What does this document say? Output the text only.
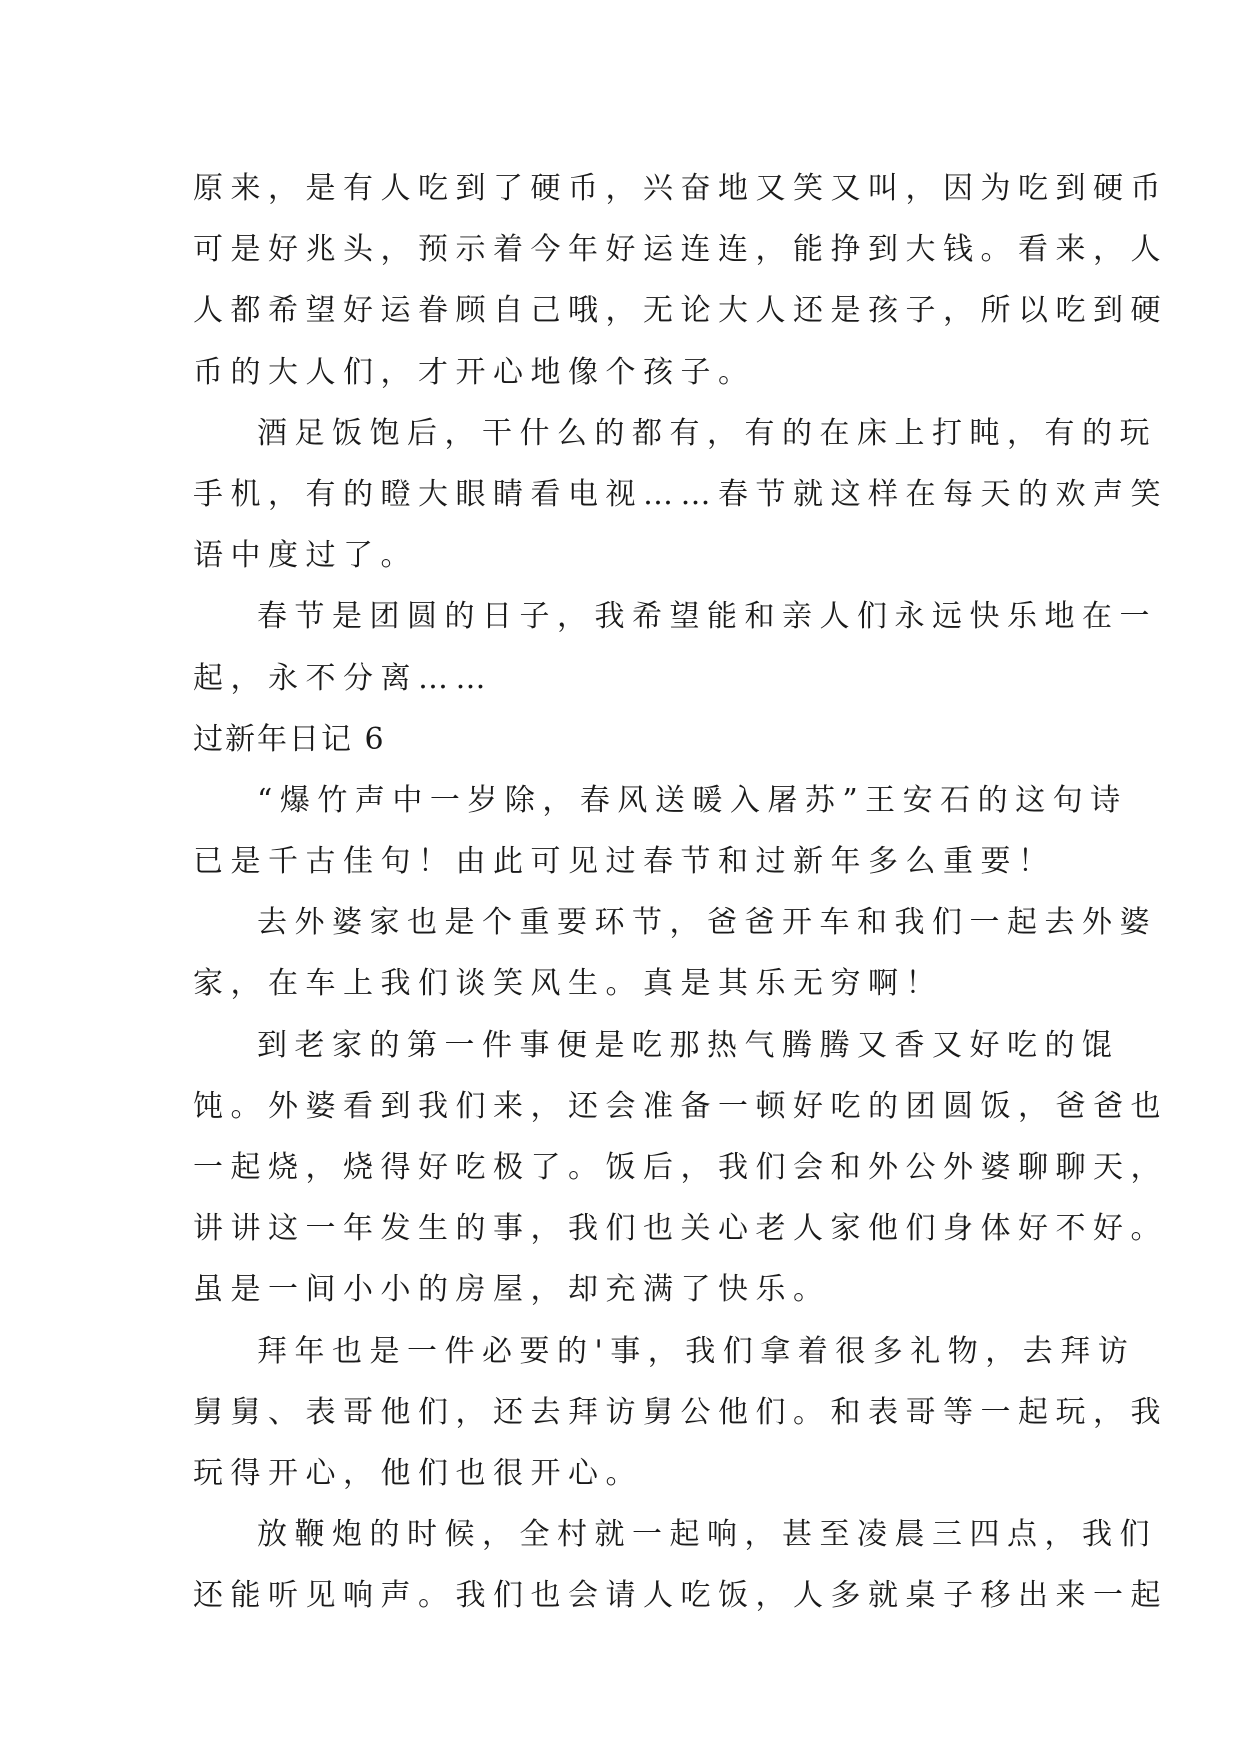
原来，是有人吃到了硬币，兴奋地又笑又叫，因为吃到硬币
可是好兆头，预示着今年好运连连，能挣到大钱。看来，人
人都希望好运眷顾自己哦，无论大人还是孩子，所以吃到硬
币的大人们，才开心地像个孩子。
酒足饭饱后，干什么的都有，有的在床上打盹，有的玩
手机，有的瞪大眼睛看电视……春节就这样在每天的欢声笑
语中度过了。
春节是团圆的日子，我希望能和亲人们永远快乐地在一
起，永不分离……
过新年日记 6
“爆竹声中一岁除，春风送暖入屠苏”王安石的这句诗
已是千古佳句！由此可见过春节和过新年多么重要！
去外婆家也是个重要环节，爸爸开车和我们一起去外婆
家，在车上我们谈笑风生。真是其乐无穷啊！
到老家的第一件事便是吃那热气腾腾又香又好吃的馄
饨。外婆看到我们来，还会准备一顿好吃的团圆饭，爸爸也
一起烧，烧得好吃极了。饭后，我们会和外公外婆聊聊天，
讲讲这一年发生的事，我们也关心老人家他们身体好不好。
虽是一间小小的房屋，却充满了快乐。
拜年也是一件必要的'事，我们拿着很多礼物，去拜访
舅舅、表哥他们，还去拜访舅公他们。和表哥等一起玩，我
玩得开心，他们也很开心。
放鞭炮的时候，全村就一起响，甚至凌晨三四点，我们
还能听见响声。我们也会请人吃饭，人多就桌子移出来一起
